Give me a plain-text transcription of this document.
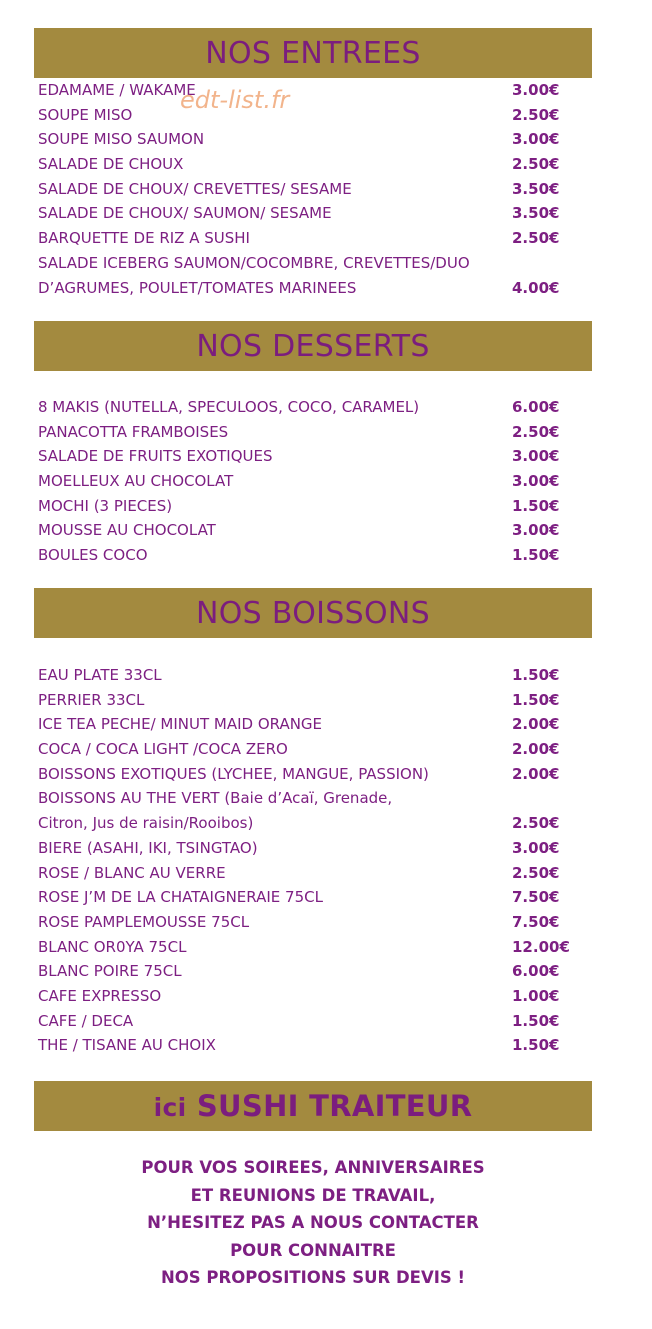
NOS ENTREES
EDAMAME / WAKAME	3.00€
SOUPE MISO	2.50€
SOUPE MISO SAUMON	3.00€
SALADE DE CHOUX	2.50€
SALADE DE CHOUX/ CREVETTES/ SESAME	3.50€
SALADE DE CHOUX/ SAUMON/ SESAME	3.50€
BARQUETTE DE RIZ A SUSHI	2.50€
SALADE ICEBERG SAUMON/COCOMBRE, CREVETTES/DUO
D’AGRUMES, POULET/TOMATES MARINEES	4.00€
edt-list.fr
NOS DESSERTS
8 MAKIS (NUTELLA, SPECULOOS, COCO, CARAMEL)	6.00€
PANACOTTA FRAMBOISES	2.50€
SALADE DE FRUITS EXOTIQUES	3.00€
MOELLEUX AU CHOCOLAT	3.00€
MOCHI (3 PIECES)	1.50€
MOUSSE AU CHOCOLAT	3.00€
BOULES COCO	1.50€
NOS BOISSONS
EAU PLATE 33CL	1.50€
PERRIER 33CL	1.50€
ICE TEA PECHE/ MINUT MAID ORANGE	2.00€
COCA / COCA LIGHT /COCA ZERO	2.00€
BOISSONS EXOTIQUES (LYCHEE, MANGUE, PASSION)	2.00€
BOISSONS AU THE VERT (Baie d’Acaï, Grenade,
Citron, Jus de raisin/Rooibos)	2.50€
BIERE (ASAHI, IKI, TSINGTAO)	3.00€
ROSE / BLANC AU VERRE	2.50€
ROSE J’M DE LA CHATAIGNERAIE 75CL	7.50€
ROSE PAMPLEMOUSSE 75CL	7.50€
BLANC OR0YA 75CL	12.00€
BLANC POIRE 75CL	6.00€
CAFE EXPRESSO	1.00€
CAFE / DECA	1.50€
THE / TISANE AU CHOIX	1.50€
ici SUSHI TRAITEUR
POUR VOS SOIREES, ANNIVERSAIRES
ET REUNIONS DE TRAVAIL,
N’HESITEZ PAS A NOUS CONTACTER
POUR CONNAITRE
NOS PROPOSITIONS SUR DEVIS !
